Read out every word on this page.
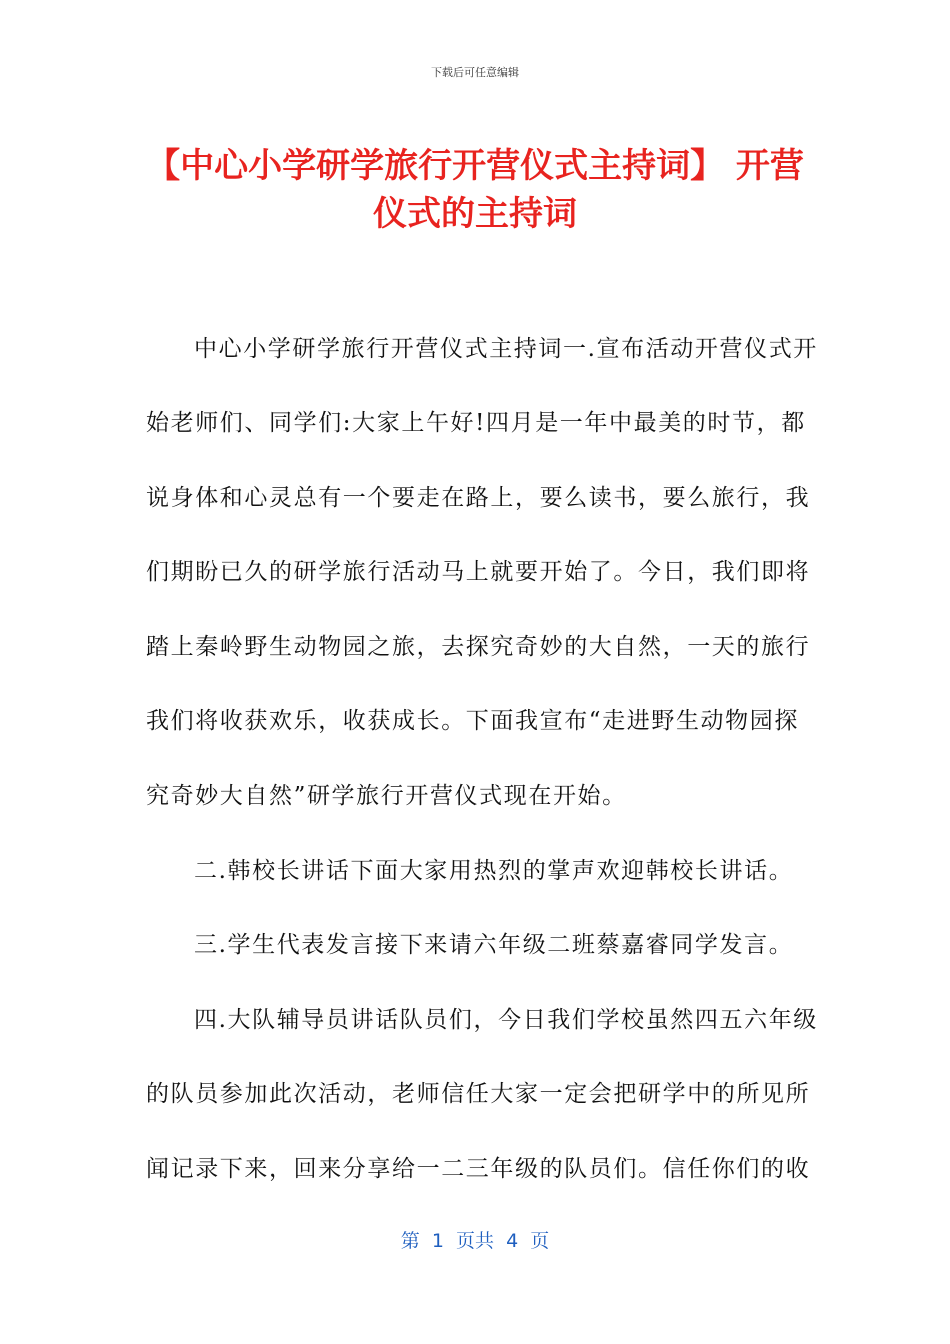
下载后可任意编辑
【中心小学研学旅行开营仪式主持词】 开营
仪式的主持词
中心小学研学旅行开营仪式主持词一.宣布活动开营仪式开
始老师们、同学们:大家上午好!四月是一年中最美的时节，都
说身体和心灵总有一个要走在路上，要么读书，要么旅行，我
们期盼已久的研学旅行活动马上就要开始了。今日，我们即将
踏上秦岭野生动物园之旅，去探究奇妙的大自然，一天的旅行
我们将收获欢乐，收获成长。下面我宣布“走进野生动物园探
究奇妙大自然”研学旅行开营仪式现在开始。
二.韩校长讲话下面大家用热烈的掌声欢迎韩校长讲话。
三.学生代表发言接下来请六年级二班蔡嘉睿同学发言。
四.大队辅导员讲话队员们，今日我们学校虽然四五六年级
的队员参加此次活动，老师信任大家一定会把研学中的所见所
闻记录下来，回来分享给一二三年级的队员们。信任你们的收
第  1  页共  4  页
